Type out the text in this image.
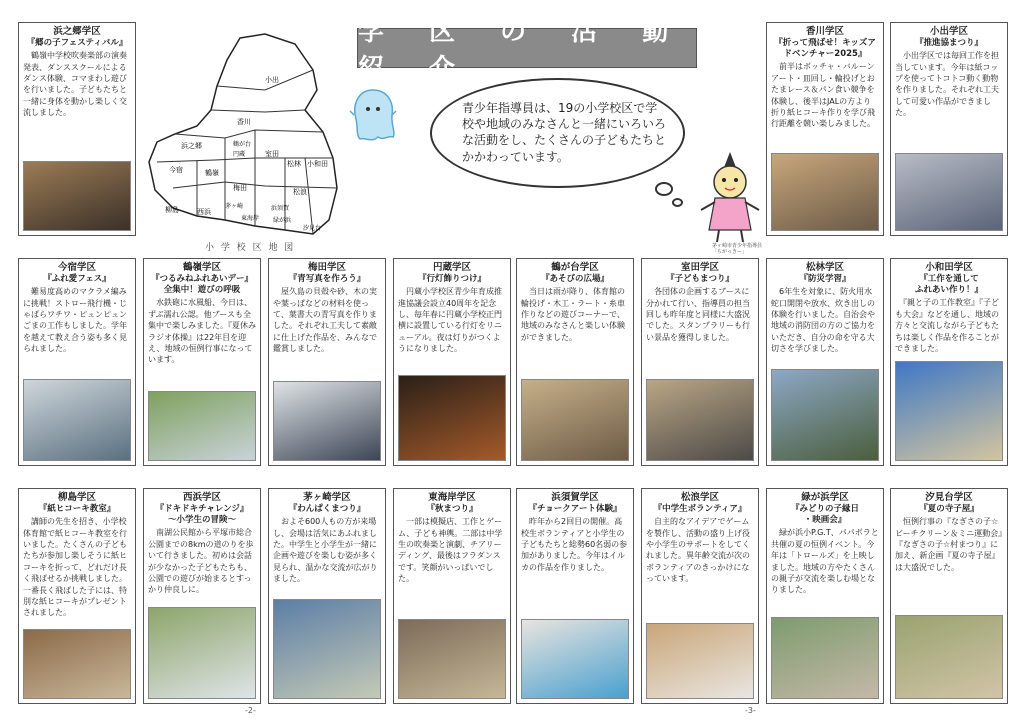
学 区 の 活 動 紹 介
青少年指導員は、19の小学校区で学校や地域のみなさんと一緒にいろいろな活動をし、たくさんの子どもたちとかかわっています。
茅ヶ崎市青少年指導員
「ちがっきー」
小出
香川
浜之郷	鶴が台
円蔵
今宿	鶴嶺
室田
松林 小和田
梅田	松浪
柳島	西浜
茅ヶ崎
東海岸
浜須賀
緑が浜
汐見台
小 学 校 区 地 図
浜之郷学区
『郷の子フェスティバル』
　鶴嶺中学校吹奏楽部の演奏発表、ダンススクールによるダンス体験、コマまわし遊び を行いました。子どもたちと一緒に身体を動かし楽しく交流しました。
香川学区
『折って飛ばせ！キッズアドベンチャー2025』
　前半はボッチャ・バルーンアート・皿回し・輪投げとおたまレース＆パン食い競争を体験し、後半はJALの方より折り紙ヒコーキ作りを学び飛行距離を競い楽しみました。
小出学区
『推進協まつり』
　小出学区では毎回工作を担当しています。今年は紙コップを使ってトコトコ動く動物を作りました。それぞれ工夫して可愛い作品ができました。
今宿学区
『ふれ愛フェス』
　難易度高めのマクラメ編みに挑戦！ストロー飛行機・じゃばらワチワ・ピュンピュンごまの工作もしました。学年を越えて教え合う姿も多く見られました。
鶴嶺学区
『つるみねふれあいデー』
全集中！遊びの呼吸
　水鉄砲に水風船、今日は、ずぶ濡れ公認。他ブースも全集中で楽しみました。『夏休みラジオ体操』は22年目を迎え、地域の恒例行事になっています。
梅田学区
『青写真を作ろう』
　屋久島の貝殻や砂、木の実や葉っぱなどの材料を使って、葉書大の青写真を作りました。それぞれ工夫して素敵に仕上げた作品を、みんなで鑑賞しました。
円蔵学区
『行灯飾りつけ』
　円蔵小学校区青少年育成推進協議会設立40周年を記念し、毎年春に円蔵小学校正門横に設置している行灯をリニューアル。夜は灯りがつくようになりました。
鶴が台学区
『あそびの広場』
　当日は雨が降り、体育館の輪投げ・木工・ラート・糸車作りなどの遊びコーナーで、地域のみなさんと楽しい体験ができました。
室田学区
『子どもまつり』
　各団体の企画するブースに分かれて行い、指導員の担当回しも昨年度と同様に大盛況でした。スタンプラリーも行い景品を獲得しました。
松林学区
『防災学習』
　6年生を対象に、防火用水蛇口開閉や放水、炊き出しの体験を行いました。自治会や地域の消防団の方のご協力をいただき、自分の命を守る大切さを学びました。
小和田学区
『工作を通して
ふれあい作り！』
　『親と子の工作教室』『子ども大会』などを通し、地域の方々と交流しながら子どもたちは楽しく作品を作ることができました。
柳島学区
『紙ヒコーキ教室』
　講師の先生を招き、小学校体育館で紙ヒコーキ教室を行いました。たくさんの子どもたちが参加し楽しそうに紙ヒコーキを折って、どれだけ長く飛ばせるか挑戦しました。一番長く飛ばした子には、特別な紙ヒコーキがプレゼントされました。
西浜学区
『ドキドキチャレンジ』
〜小学生の冒険〜
　南湖公民館から平塚市総合公園までの8kmの道のりを歩いて行きました。初めは会話が少なかった子どもたちも、公園での遊びが始まるとすっかり仲良しに。
茅ヶ崎学区
『わんぱくまつり』
　およそ600人もの方が来場し、会場は活気にあふれました。中学生と小学生が一緒に企画や遊びを楽しむ姿が多く見られ、温かな交流が広がりました。
東海岸学区
『秋まつり』
　一部は模擬店、工作とゲーム、子ども神輿。二部は中学生の吹奏楽と演劇、チアリーディング、最後はフラダンスです。笑顔がいっぱいでした。
浜須賀学区
『チョークアート体験』
　昨年から2回目の開催。高校生ボランティアと小学生の子どもたちと総勢60名弱の参加がありました。今年はイルカの作品を作りました。
松浪学区
『中学生ボランティア』
　自主的なアイデアでゲームを製作し、活動の盛り上げ役や小学生のサポートをしてくれました。異年齢交流が次のボランティアのきっかけになっています。
緑が浜学区
『みどりの子縁日
・映画会』
　緑が浜小P.G.T、パパボラと共催の夏の恒例イベント。今年は「トロールズ」を上映しました。地域の方やたくさんの親子が交流を楽しむ場となりました。
汐見台学区
『夏の寺子屋』
　恒例行事の『なぎさの子☆ビーチクリーン＆ミニ運動会』『なぎさの子☆村まつり』に加え、新企画『夏の寺子屋』は大盛況でした。
-2-	-3-
